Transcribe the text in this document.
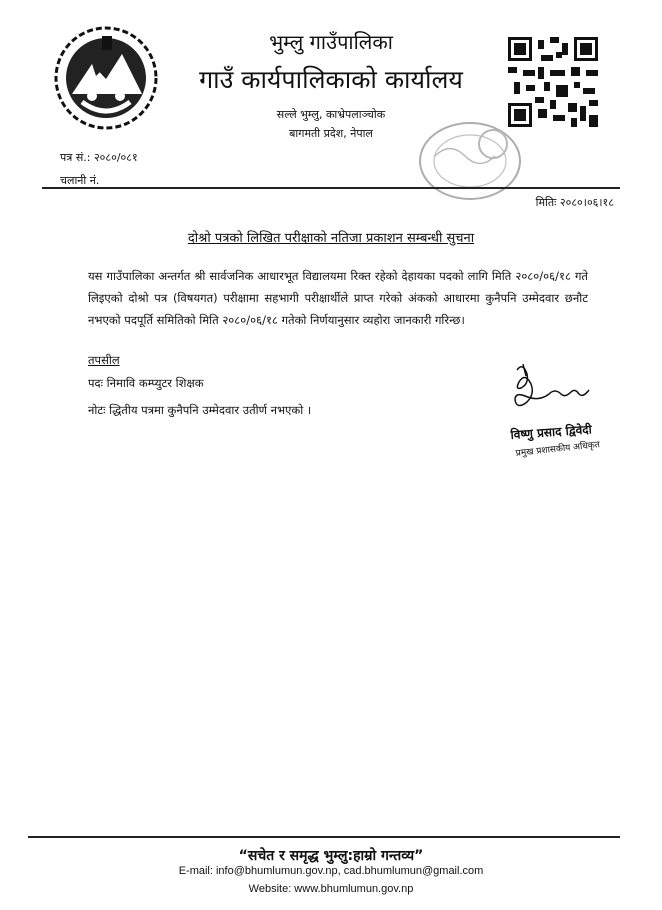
भुम्लु गाउँपालिका
गाउँ कार्यपालिकाको कार्यालय
सल्ले भुम्लु, काभ्रेपलाञ्चोक
बागमती प्रदेश, नेपाल
पत्र सं.: २०८०/०८१
चलानी नं.
मितिः २०८०।०६।१८
दोश्रो पत्रको लिखित परीक्षाको नतिजा प्रकाशन सम्बन्धी सुचना
यस गाउँपालिका अन्तर्गत श्री सार्वजनिक आधारभूत विद्यालयमा रिक्त रहेको देहायका पदको लागि मिति २०८०/०६/१८ गते लिइएको दोश्रो पत्र (विषयगत) परीक्षामा सहभागी परीक्षार्थीले प्राप्त गरेको अंकको आधारमा कुनैपनि उम्मेदवार छनौट नभएको पदपूर्ति समितिको मिति २०८०/०६/१८ गतेको निर्णयानुसार व्यहोरा जानकारी गरिन्छ।
तपसील
पदः निमावि कम्प्युटर शिक्षक
नोटः द्धितीय पत्रमा कुनैपनि उम्मेदवार उतीर्ण नभएको ।
विष्णु प्रसाद द्विवेदी
प्रमुख प्रशासकीय अधिकृत
“सचेत र समृद्ध भुम्लु:हाम्रो गन्तव्य”
E-mail: info@bhumlumun.gov.np, cad.bhumlumun@gmail.com
Website: www.bhumlumun.gov.np
